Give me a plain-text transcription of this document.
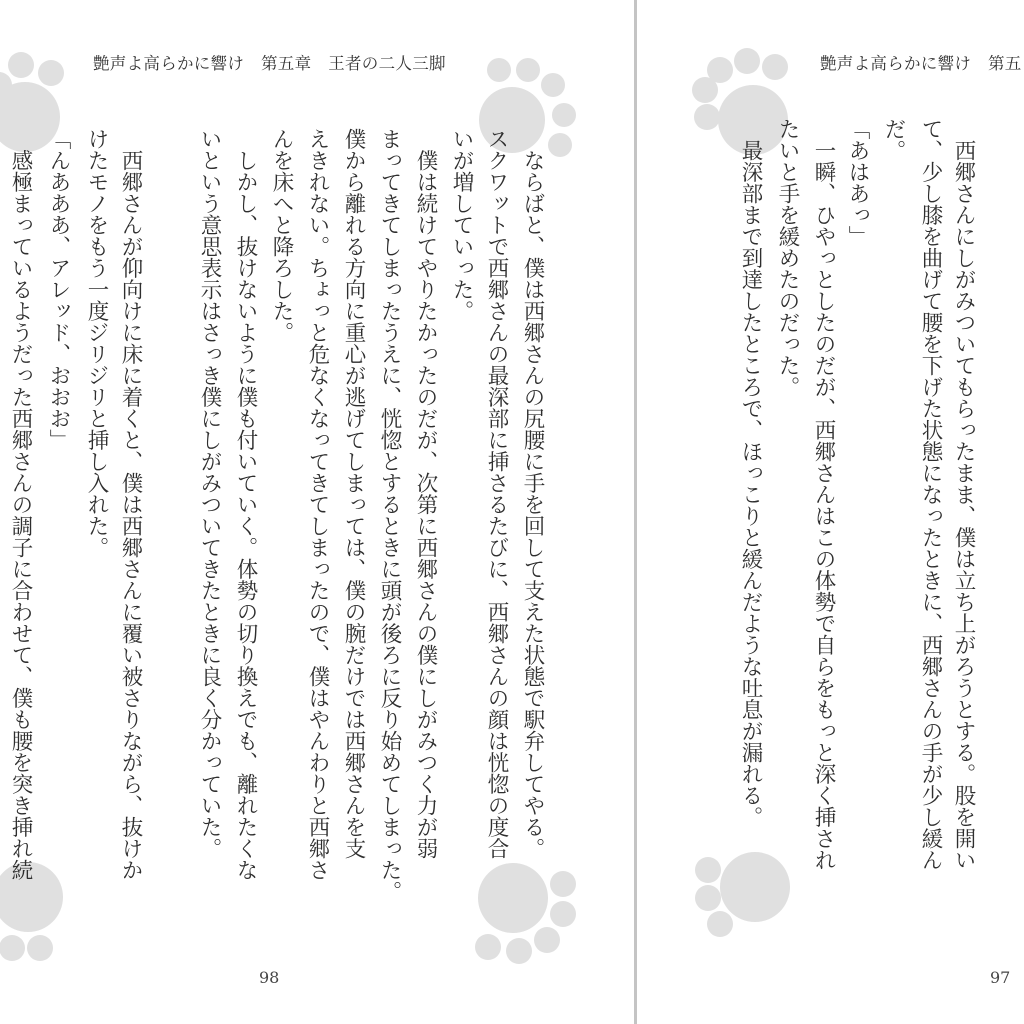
艶声よ高らかに響け　第五章　王者の二人三脚
　ならばと、僕は西郷さんの尻腰に手を回して支えた状態で駅弁してやる。
スクワットで西郷さんの最深部に挿さるたびに、西郷さんの顔は恍惚の度合
いが増していった。
　僕は続けてやりたかったのだが、次第に西郷さんの僕にしがみつく力が弱
まってきてしまったうえに、恍惚とするときに頭が後ろに反り始めてしまった。
僕から離れる方向に重心が逃げてしまっては、僕の腕だけでは西郷さんを支
えきれない。ちょっと危なくなってきてしまったので、僕はやんわりと西郷さ
んを床へと降ろした。
　しかし、抜けないように僕も付いていく。体勢の切り換えでも、離れたくな
いという意思表示はさっき僕にしがみついてきたときに良く分かっていた。
　西郷さんが仰向けに床に着くと、僕は西郷さんに覆い被さりながら、抜けか
けたモノをもう一度ジリジリと挿し入れた。
「んあああ、アレッド、おおお」
　感極まっているようだった西郷さんの調子に合わせて、僕も腰を突き挿れ続
98
艶声よ高らかに響け　第五
　西郷さんにしがみついてもらったまま、僕は立ち上がろうとする。股を開い
て、少し膝を曲げて腰を下げた状態になったときに、西郷さんの手が少し緩ん
だ。
「あはあっ」
　一瞬、ひやっとしたのだが、西郷さんはこの体勢で自らをもっと深く挿され
たいと手を緩めたのだった。
　最深部まで到達したところで、ほっこりと緩んだような吐息が漏れる。
97
